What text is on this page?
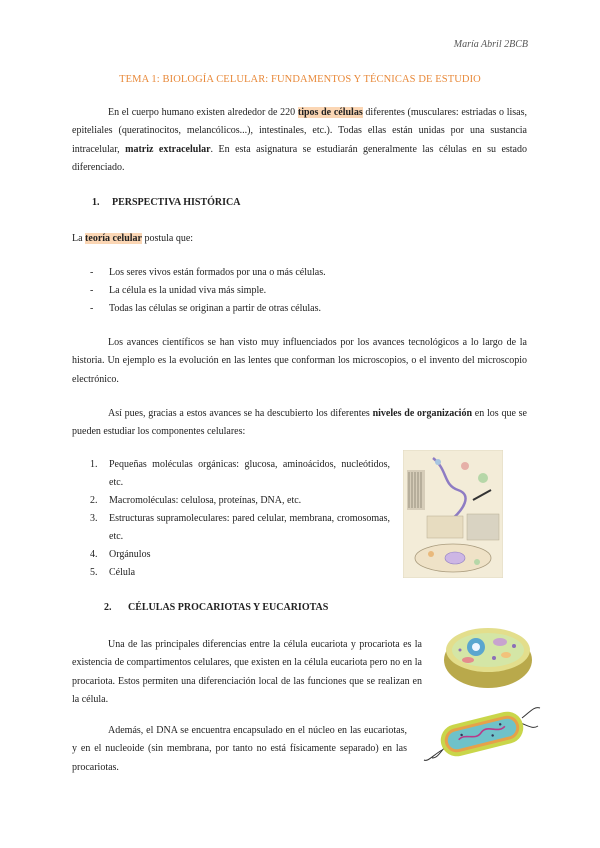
María Abril 2BCB
TEMA 1: BIOLOGÍA CELULAR: FUNDAMENTOS Y TÉCNICAS DE ESTUDIO

En el cuerpo humano existen alrededor de 220 tipos de células diferentes (musculares: estriadas o lisas, epiteliales (queratinocitos, melancólicos...), intestinales, etc.). Todas ellas están unidas por una sustancia intracelular, matriz extracelular. En esta asignatura se estudiarán generalmente las células en su estado diferenciado.

1. PERSPECTIVA HISTÓRICA

La teoría celular postula que:

- Los seres vivos están formados por una o más células.
- La célula es la unidad viva más simple.
- Todas las células se originan a partir de otras células.

Los avances científicos se han visto muy influenciados por los avances tecnológicos a lo largo de la historia. Un ejemplo es la evolución en las lentes que conforman los microscopios, o el invento del microscopio electrónico.

Así pues, gracias a estos avances se ha descubierto los diferentes niveles de organización en los que se pueden estudiar los componentes celulares:

1. Pequeñas moléculas orgánicas: glucosa, aminoácidos, nucleótidos, etc.
2. Macromoléculas: celulosa, proteínas, DNA, etc.
3. Estructuras supramoleculares: pared celular, membrana, cromosomas, etc.
4. Orgánulos
5. Célula
2. CÉLULAS PROCARIOTAS Y EUCARIOTAS

Una de las principales diferencias entre la célula eucariota y procariota es la existencia de compartimentos celulares, que existen en la célula eucariota pero no en la procariota. Estos permiten una diferenciación local de las funciones que se realizan en la célula.

Además, el DNA se encuentra encapsulado en el núcleo en las eucariotas, y en el nucleoide (sin membrana, por tanto no está físicamente separado) en las procariotas.
